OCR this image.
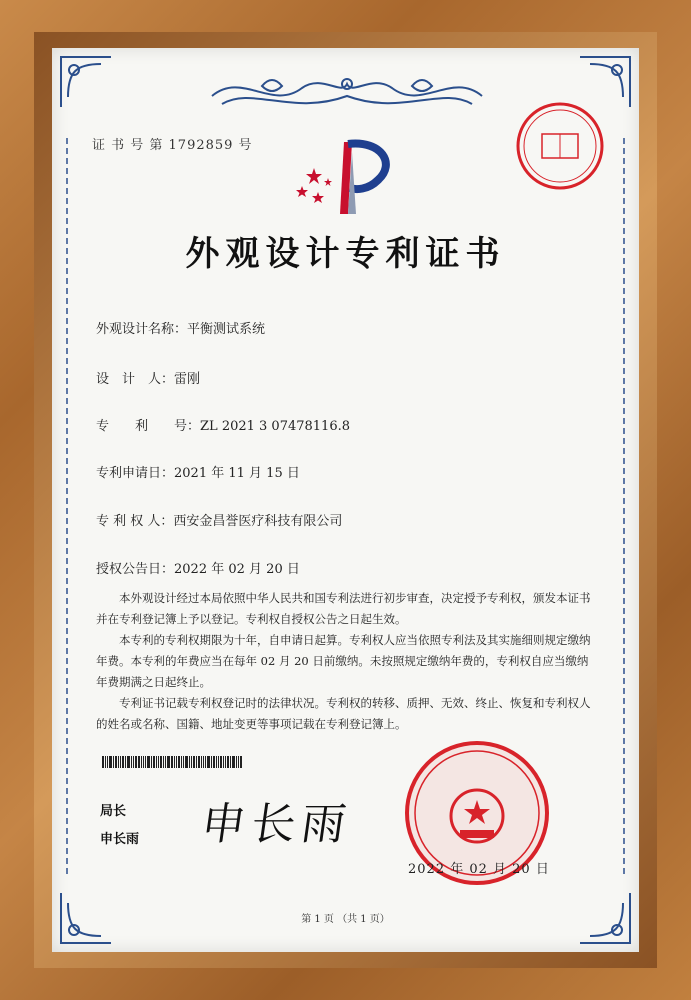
证 书 号 第 1792859 号
外观设计专利证书
外观设计名称：平衡测试系统
设　计　人：雷刚
专　　利　　号：ZL 2021 3 07478116.8
专利申请日：2021 年 11 月 15 日
专 利 权 人：西安金昌誉医疗科技有限公司
授权公告日：2022 年 02 月 20 日

本外观设计经过本局依照中华人民共和国专利法进行初步审查，决定授予专利权，颁发本证书并在专利登记簿上予以登记。专利权自授权公告之日起生效。

本专利的专利权期限为十年，自申请日起算。专利权人应当依照专利法及其实施细则规定缴纳年费。本专利的年费应当在每年 02 月 20 日前缴纳。未按照规定缴纳年费的，专利权自应当缴纳年费期满之日起终止。

专利证书记载专利权登记时的法律状况。专利权的转移、质押、无效、终止、恢复和专利权人的姓名或名称、国籍、地址变更等事项记载在专利登记簿上。

局长
申长雨 申长雨
2022 年 02 月 20 日
第 1 页 （共 1 页）
